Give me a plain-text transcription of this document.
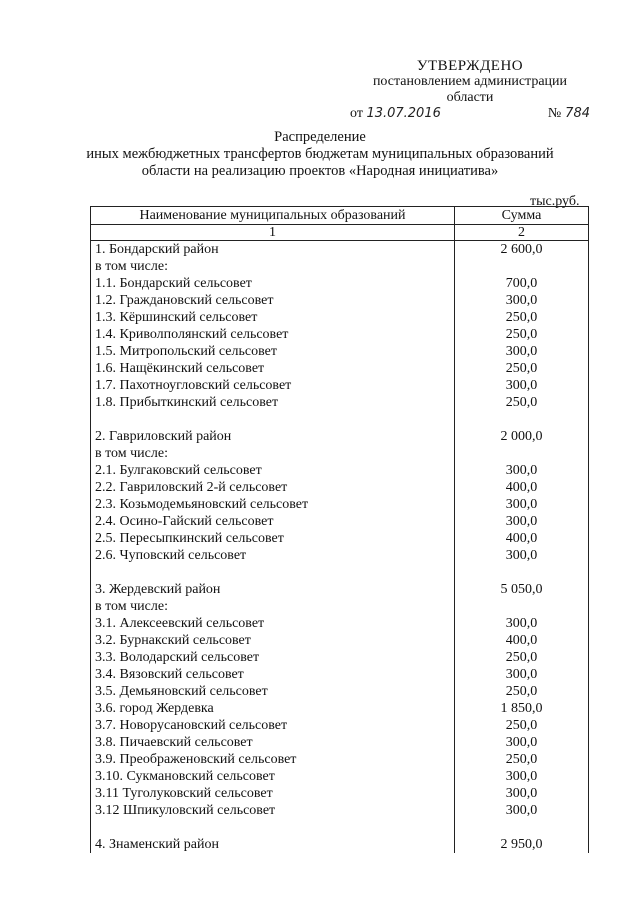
УТВЕРЖДЕНО
постановлением администрации области
от 13.07.2016	№ 784
Распределение
иных межбюджетных трансфертов бюджетам муниципальных образований
области на реализацию проектов «Народная инициатива»
тыс.руб.
Наименование муниципальных образований	Сумма
1	2
1. Бондарский район	2 600,0
в том числе:	
1.1. Бондарский сельсовет	700,0
1.2. Граждановский сельсовет	300,0
1.3. Кёршинский сельсовет	250,0
1.4. Криволполянский сельсовет	250,0
1.5. Митропольский сельсовет	300,0
1.6. Нащёкинский сельсовет	250,0
1.7. Пахотноугловский сельсовет	300,0
1.8. Прибыткинский сельсовет	250,0

2. Гавриловский район	2 000,0
в том числе:	
2.1. Булгаковский сельсовет	300,0
2.2. Гавриловский 2-й сельсовет	400,0
2.3. Козьмодемьяновский сельсовет	300,0
2.4. Осино-Гайский сельсовет	300,0
2.5. Пересыпкинский сельсовет	400,0
2.6. Чуповский сельсовет	300,0

3. Жердевский район	5 050,0
в том числе:	
3.1. Алексеевский сельсовет	300,0
3.2. Бурнакский сельсовет	400,0
3.3. Володарский сельсовет	250,0
3.4. Вязовский сельсовет	300,0
3.5. Демьяновский сельсовет	250,0
3.6. город Жердевка	1 850,0
3.7. Новорусановский сельсовет	250,0
3.8. Пичаевский сельсовет	300,0
3.9. Преображеновский сельсовет	250,0
3.10. Сукмановский сельсовет	300,0
3.11 Туголуковский сельсовет	300,0
3.12 Шпикуловский сельсовет	300,0

4. Знаменский район	2 950,0
